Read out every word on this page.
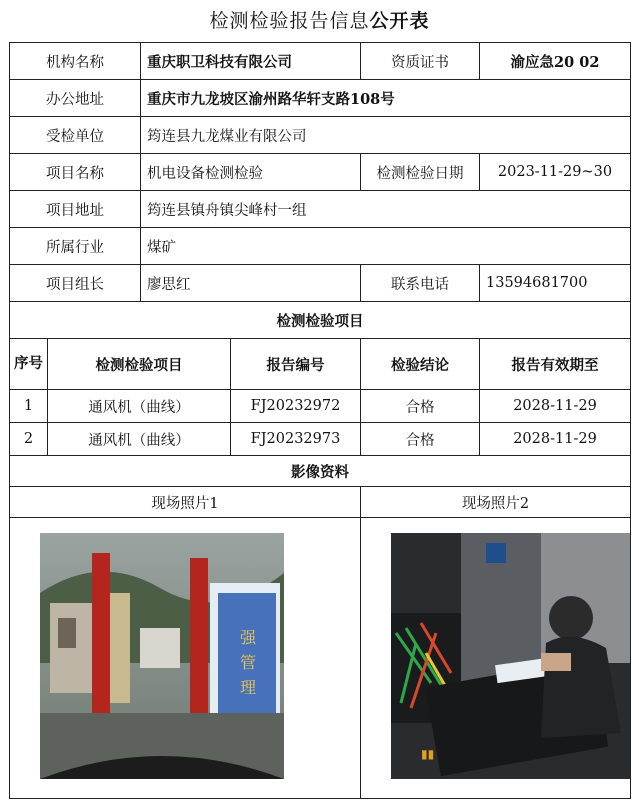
检测检验报告信息公开表
机构名称		重庆职卫科技有限公司		资质证书	渝应急20 02
办公地址		重庆市九龙坡区渝州路华轩支路108号			
受检单位		筠连县九龙煤业有限公司			
项目名称		机电设备检测检验		检测检验日期	2023-11-29~30
项目地址		筠连县镇舟镇尖峰村一组			
所属行业		煤矿			
项目组长		廖思红		联系电话	13594681700
检测检验项目					
序号	检测检验项目		报告编号	检验结论	报告有效期至
1	通风机（曲线）		FJ20232972	合格	2028-11-29
2	通风机（曲线）		FJ20232973	合格	2028-11-29
影像资料					
现场照片1				现场照片2	

强
管
理				▮▮	
